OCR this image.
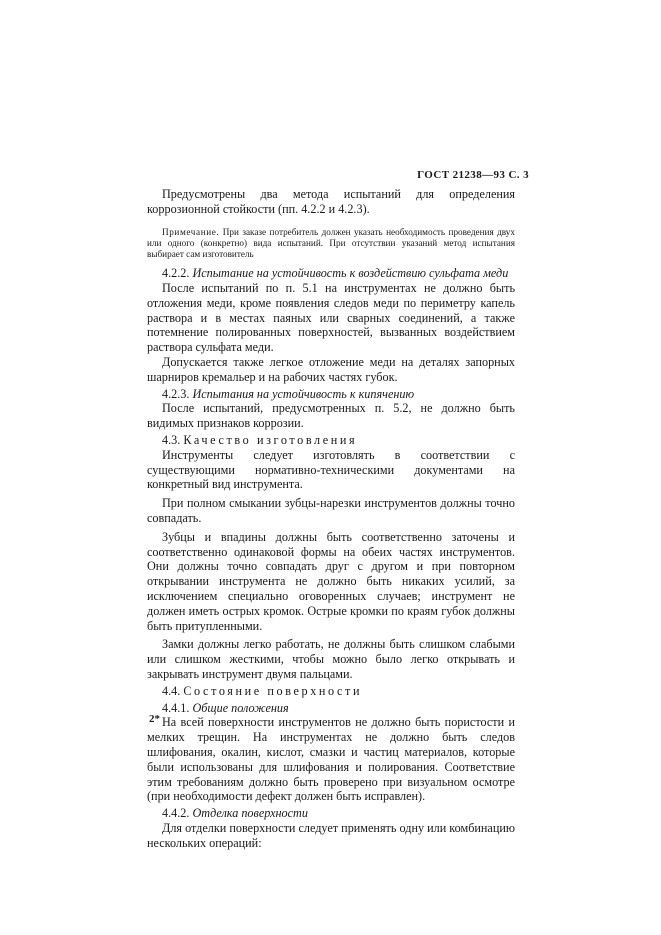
ГОСТ 21238—93 С. 3

Предусмотрены два метода испытаний для определения коррозионной стойкости (пп. 4.2.2 и 4.2.3).

Примечание. При заказе потребитель должен указать необходимость проведения двух или одного (конкретно) вида испытаний. При отсутствии указаний метод испытания выбирает сам изготовитель

4.2.2. Испытание на устойчивость к воздействию сульфата меди

После испытаний по п. 5.1 на инструментах не должно быть отложения меди, кроме появления следов меди по периметру капель раствора и в местах паяных или сварных соединений, а также потемнение полированных поверхностей, вызванных воздействием раствора сульфата меди.

Допускается также легкое отложение меди на деталях запорных шарниров кремальер и на рабочих частях губок.

4.2.3. Испытания на устойчивость к кипячению

После испытаний, предусмотренных п. 5.2, не должно быть видимых признаков коррозии.

4.3. Качество изготовления

Инструменты следует изготовлять в соответствии с существующими нормативно-техническими документами на конкретный вид инструмента.

При полном смыкании зубцы-нарезки инструментов должны точно совпадать.

Зубцы и впадины должны быть соответственно заточены и соответственно одинаковой формы на обеих частях инструментов. Они должны точно совпадать друг с другом и при повторном открывании инструмента не должно быть никаких усилий, за исключением специально оговоренных случаев; инструмент не должен иметь острых кромок. Острые кромки по краям губок должны быть притупленными.

Замки должны легко работать, не должны быть слишком слабыми или слишком жесткими, чтобы можно было легко открывать и закрывать инструмент двумя пальцами.

4.4. Состояние поверхности

4.4.1. Общие положения

На всей поверхности инструментов не должно быть пористости и мелких трещин. На инструментах не должно быть следов шлифования, окалин, кислот, смазки и частиц материалов, которые были использованы для шлифования и полирования. Соответствие этим требованиям должно быть проверено при визуальном осмотре (при необходимости дефект должен быть исправлен).

4.4.2. Отделка поверхности

Для отделки поверхности следует применять одну или комбинацию нескольких операций:

2*
